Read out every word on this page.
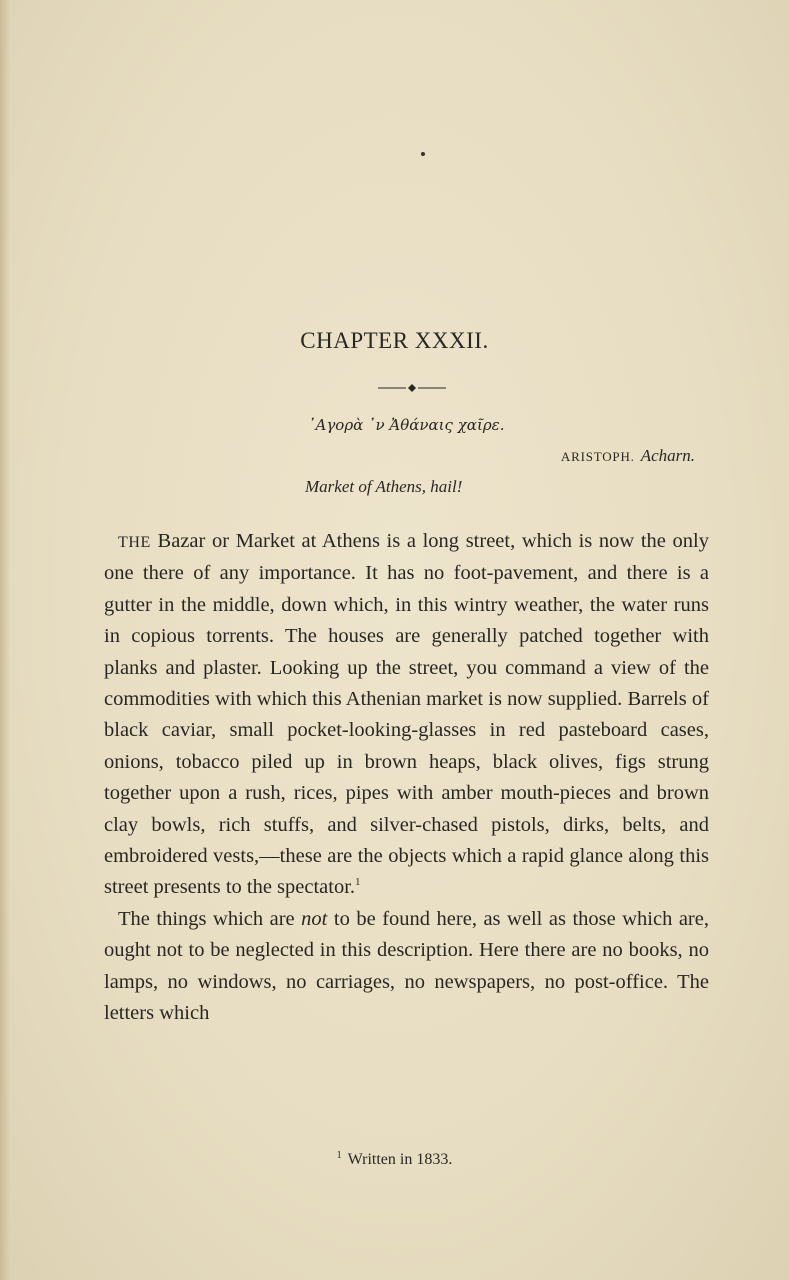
CHAPTER XXXII.
᾿Αγορὰ ᾿ν Ἀθάναις χαῖρε.
ARISTOPH. Acharn.
Market of Athens, hail!

THE Bazar or Market at Athens is a long street, which is now the only one there of any importance. It has no foot-pavement, and there is a gutter in the middle, down which, in this wintry weather, the water runs in copious torrents. The houses are generally patched together with planks and plaster. Looking up the street, you command a view of the commodities with which this Athenian market is now supplied. Barrels of black caviar, small pocket-looking-glasses in red pasteboard cases, onions, tobacco piled up in brown heaps, black olives, figs strung together upon a rush, rices, pipes with amber mouth-pieces and brown clay bowls, rich stuffs, and silver-chased pistols, dirks, belts, and embroidered vests,—these are the objects which a rapid glance along this street presents to the spectator.$^1$

The things which are not to be found here, as well as those which are, ought not to be neglected in this description. Here there are no books, no lamps, no windows, no carriages, no newspapers, no post-office. The letters which

$^1$ Written in 1833.
